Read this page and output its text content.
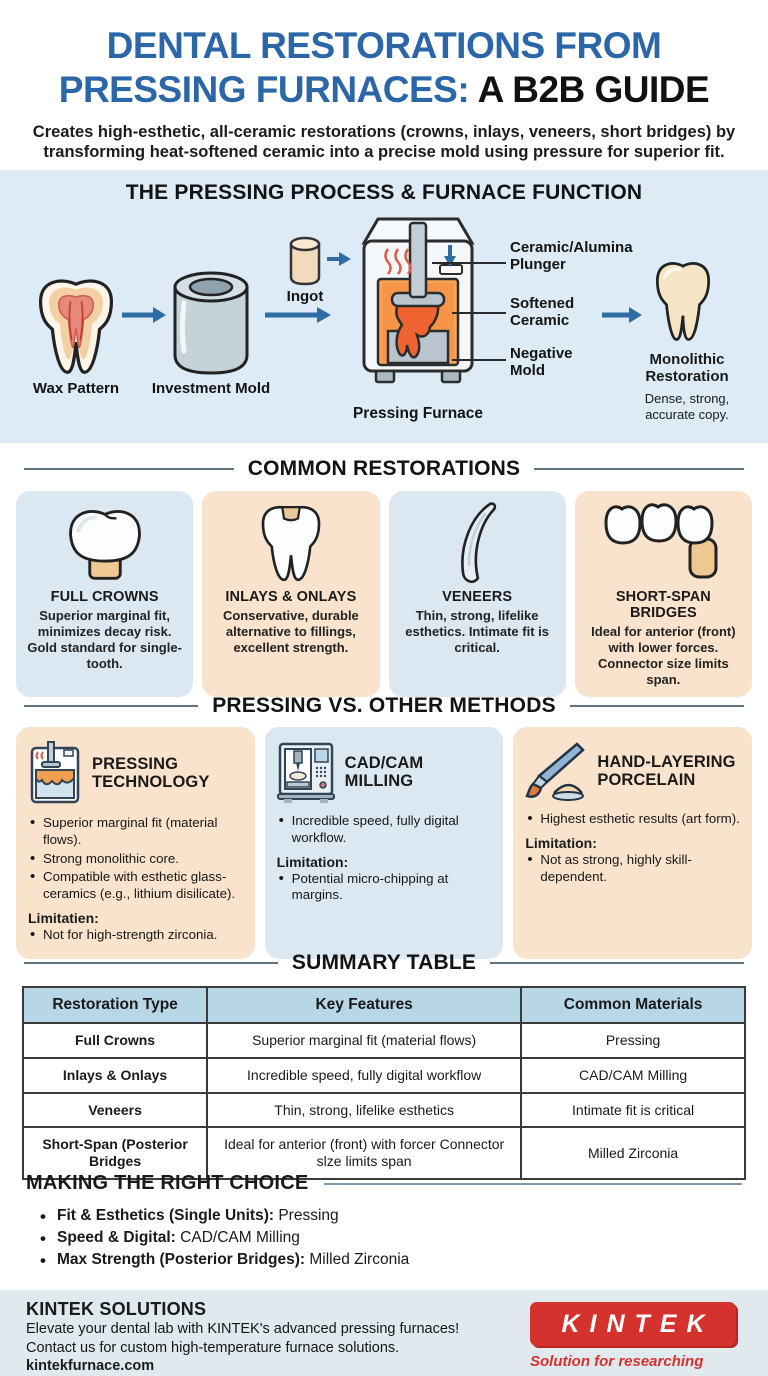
DENTAL RESTORATIONS FROM
PRESSING FURNACES: A B2B GUIDE
Creates high-esthetic, all-ceramic restorations (crowns, inlays, veneers, short bridges) by transforming heat-softened ceramic into a precise mold using pressure for superior fit.
THE PRESSING PROCESS & FURNACE FUNCTION
Wax Pattern	Investment Mold
Ingot
Pressing Furnace
Ceramic/Alumina Plunger
Softened Ceramic
Negative Mold
Monolithic Restoration
Dense, strong, accurate copy.
COMMON RESTORATIONS
FULL CROWNS
Superior marginal fit, minimizes decay risk. Gold standard for single-tooth.
INLAYS & ONLAYS
Conservative, durable alternative to fillings, excellent strength.
VENEERS
Thin, strong, lifelike esthetics. Intimate fit is critical.
SHORT-SPAN BRIDGES
Ideal for anterior (front) with lower forces. Connector size limits span.
PRESSING VS. OTHER METHODS
PRESSING TECHNOLOGY
• Superior marginal fit (material flows).
• Strong monolithic core.
• Compatible with esthetic glass-ceramics (e.g., lithium disilicate).
Limitatien:
• Not for high-strength zirconia.
CAD/CAM MILLING
• Incredible speed, fully digital workflow.
Limitation:
• Potential micro-chipping at margins.
HAND-LAYERING PORCELAIN
• Highest esthetic results (art form).
Limitation:
• Not as strong, highly skill-dependent.
SUMMARY TABLE
Restoration Type	Key Features	Common Materials
Full Crowns	Superior marginal fit (material flows)	Pressing
Inlays & Onlays	Incredible speed, fully digital workflow	CAD/CAM Milling
Veneers	Thin, strong, lifelike esthetics	Intimate fit is critical
Short-Span (Posterior Bridges	Ideal for anterior (front) with forcer Connector slze limits span	Milled Zirconia
MAKING THE RIGHT CHOICE
• Fit & Esthetics (Single Units): Pressing
• Speed & Digital: CAD/CAM Milling
• Max Strength (Posterior Bridges): Milled Zirconia
KINTEK SOLUTIONS
Elevate your dental lab with KINTEK's advanced pressing furnaces!
Contact us for custom high-temperature furnace solutions.
kintekfurnace.com
KINTEK
Solution for researching
